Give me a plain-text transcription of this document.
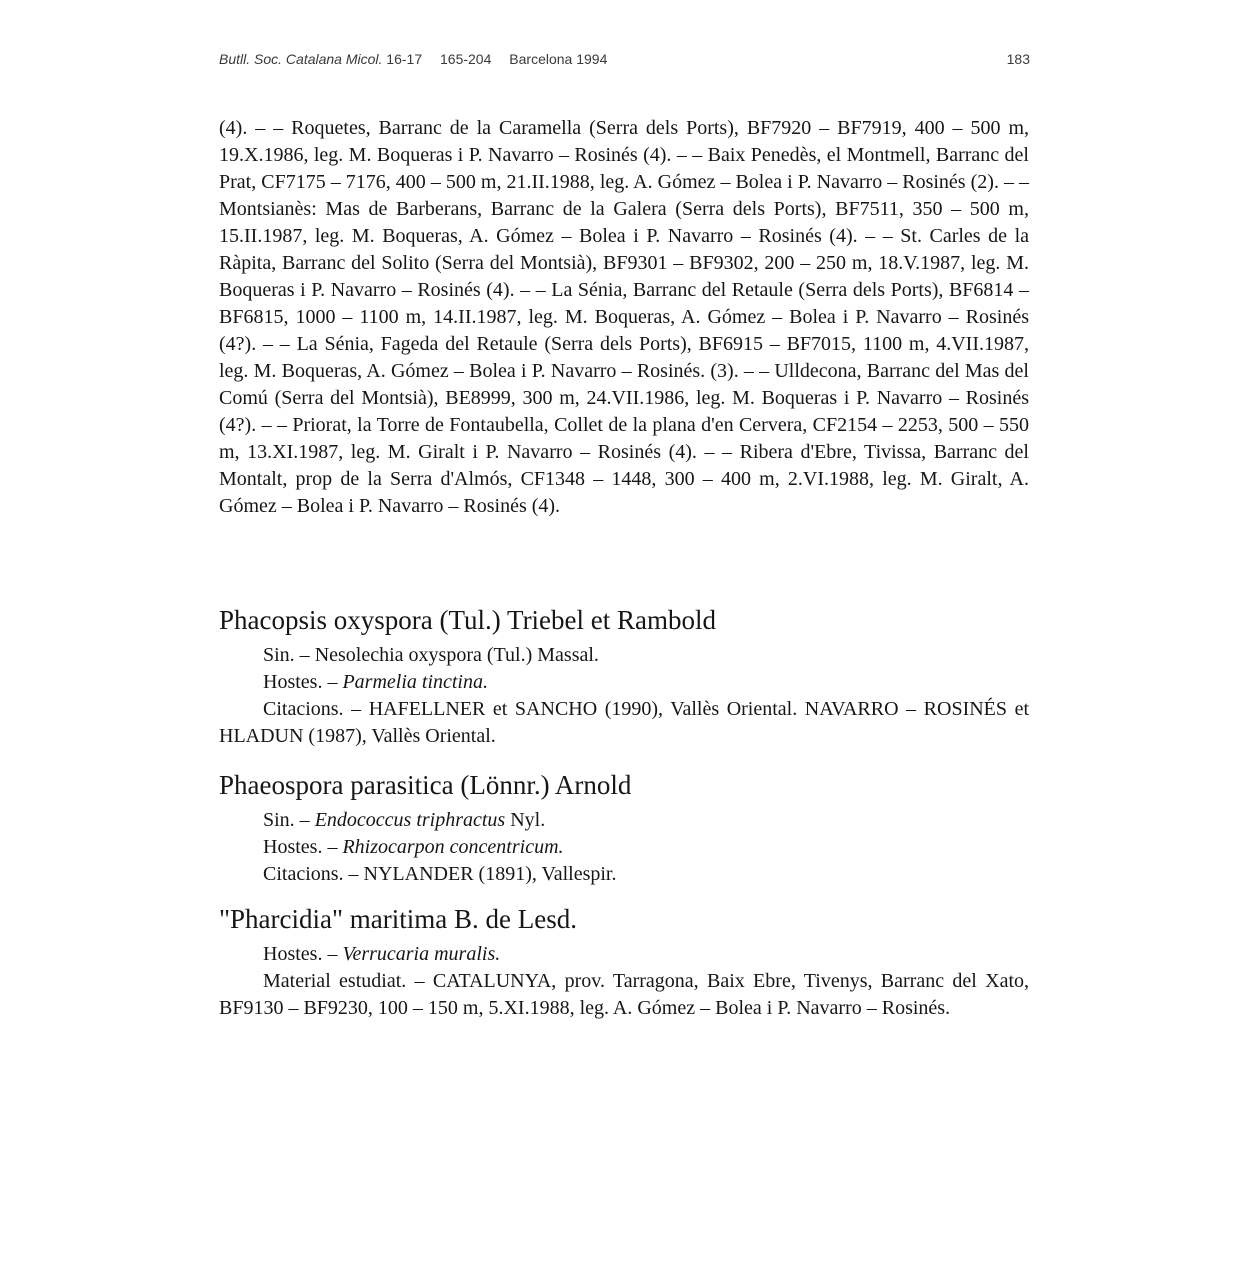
Butll. Soc. Catalana Micol. 16-17 165-204 Barcelona 1994	183

(4). – – Roquetes, Barranc de la Caramella (Serra dels Ports), BF7920 – BF7919, 400 – 500 m, 19.X.1986, leg. M. Boqueras i P. Navarro – Rosinés (4). – – Baix Penedès, el Montmell, Barranc del Prat, CF7175 – 7176, 400 – 500 m, 21.II.1988, leg. A. Gómez – Bolea i P. Navarro – Rosinés (2). – – Montsianès: Mas de Barberans, Barranc de la Galera (Serra dels Ports), BF7511, 350 – 500 m, 15.II.1987, leg. M. Boqueras, A. Gómez – Bolea i P. Navarro – Rosinés (4). – – St. Carles de la Ràpita, Barranc del Solito (Serra del Montsià), BF9301 – BF9302, 200 – 250 m, 18.V.1987, leg. M. Boqueras i P. Navarro – Rosinés (4). – – La Sénia, Barranc del Retaule (Serra dels Ports), BF6814 – BF6815, 1000 – 1100 m, 14.II.1987, leg. M. Boqueras, A. Gómez – Bolea i P. Navarro – Rosinés (4?). – – La Sénia, Fageda del Retaule (Serra dels Ports), BF6915 – BF7015, 1100 m, 4.VII.1987, leg. M. Boqueras, A. Gómez – Bolea i P. Navarro – Rosinés. (3). – – Ulldecona, Barranc del Mas del Comú (Serra del Montsià), BE8999, 300 m, 24.VII.1986, leg. M. Boqueras i P. Navarro – Rosinés (4?). – – Priorat, la Torre de Fontaubella, Collet de la plana d'en Cervera, CF2154 – 2253, 500 – 550 m, 13.XI.1987, leg. M. Giralt i P. Navarro – Rosinés (4). – – Ribera d'Ebre, Tivissa, Barranc del Montalt, prop de la Serra d'Almós, CF1348 – 1448, 300 – 400 m, 2.VI.1988, leg. M. Giralt, A. Gómez – Bolea i P. Navarro – Rosinés (4).

Phacopsis oxyspora (Tul.) Triebel et Rambold

Sin. – Nesolechia oxyspora (Tul.) Massal.

Hostes. – Parmelia tinctina.

Citacions. – HAFELLNER et SANCHO (1990), Vallès Oriental. NAVARRO – ROSINÉS et HLADUN (1987), Vallès Oriental.

Phaeospora parasitica (Lönnr.) Arnold

Sin. – Endococcus triphractus Nyl.

Hostes. – Rhizocarpon concentricum.

Citacions. – NYLANDER (1891), Vallespir.

"Pharcidia" maritima B. de Lesd.

Hostes. – Verrucaria muralis.

Material estudiat. – CATALUNYA, prov. Tarragona, Baix Ebre, Tivenys, Barranc del Xato, BF9130 – BF9230, 100 – 150 m, 5.XI.1988, leg. A. Gómez – Bolea i P. Navarro – Rosinés.
